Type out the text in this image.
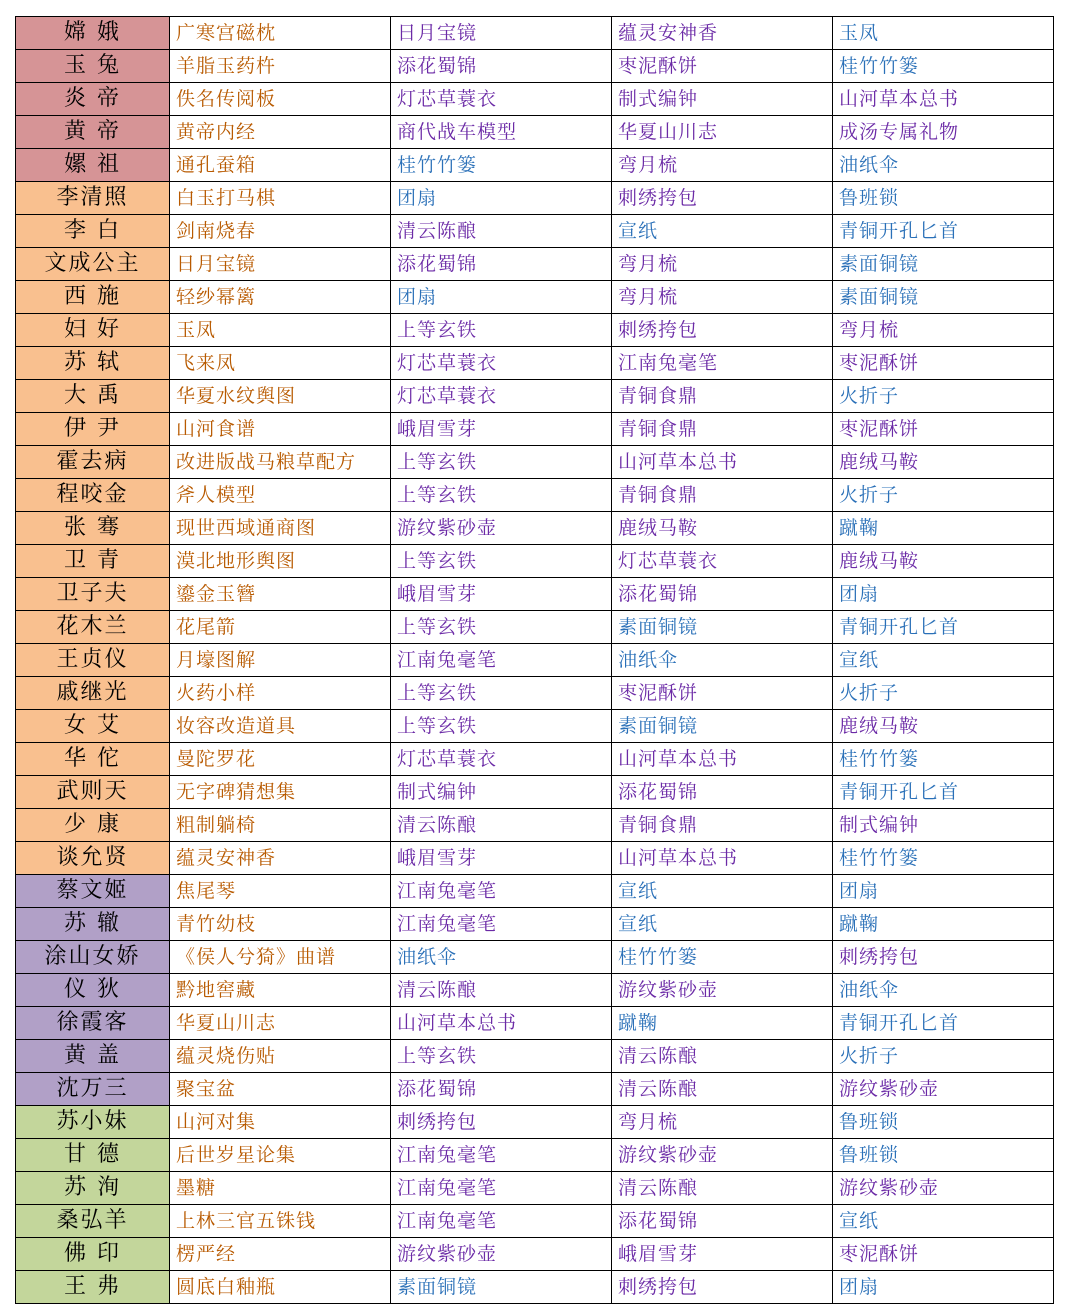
嫦 娥	广寒宫磁枕	日月宝镜	蕴灵安神香	玉凤
玉 兔	羊脂玉药杵	添花蜀锦	枣泥酥饼	桂竹竹篓
炎 帝	佚名传阅板	灯芯草蓑衣	制式编钟	山河草本总书
黄 帝	黄帝内经	商代战车模型	华夏山川志	成汤专属礼物
嫘 祖	通孔蚕箱	桂竹竹篓	弯月梳	油纸伞
李清照	白玉打马棋	团扇	刺绣挎包	鲁班锁
李 白	剑南烧春	清云陈酿	宣纸	青铜开孔匕首
文成公主	日月宝镜	添花蜀锦	弯月梳	素面铜镜
西 施	轻纱幂篱	团扇	弯月梳	素面铜镜
妇 好	玉凤	上等玄铁	刺绣挎包	弯月梳
苏 轼	飞来凤	灯芯草蓑衣	江南兔毫笔	枣泥酥饼
大 禹	华夏水纹舆图	灯芯草蓑衣	青铜食鼎	火折子
伊 尹	山河食谱	峨眉雪芽	青铜食鼎	枣泥酥饼
霍去病	改进版战马粮草配方	上等玄铁	山河草本总书	鹿绒马鞍
程咬金	斧人模型	上等玄铁	青铜食鼎	火折子
张 骞	现世西域通商图	游纹紫砂壶	鹿绒马鞍	蹴鞠
卫 青	漠北地形舆图	上等玄铁	灯芯草蓑衣	鹿绒马鞍
卫子夫	鎏金玉簪	峨眉雪芽	添花蜀锦	团扇
花木兰	花尾箭	上等玄铁	素面铜镜	青铜开孔匕首
王贞仪	月壕图解	江南兔毫笔	油纸伞	宣纸
戚继光	火药小样	上等玄铁	枣泥酥饼	火折子
女 艾	妆容改造道具	上等玄铁	素面铜镜	鹿绒马鞍
华 佗	曼陀罗花	灯芯草蓑衣	山河草本总书	桂竹竹篓
武则天	无字碑猜想集	制式编钟	添花蜀锦	青铜开孔匕首
少 康	粗制躺椅	清云陈酿	青铜食鼎	制式编钟
谈允贤	蕴灵安神香	峨眉雪芽	山河草本总书	桂竹竹篓
蔡文姬	焦尾琴	江南兔毫笔	宣纸	团扇
苏 辙	青竹幼枝	江南兔毫笔	宣纸	蹴鞠
涂山女娇	《侯人兮猗》曲谱	油纸伞	桂竹竹篓	刺绣挎包
仪 狄	黔地窖藏	清云陈酿	游纹紫砂壶	油纸伞
徐霞客	华夏山川志	山河草本总书	蹴鞠	青铜开孔匕首
黄 盖	蕴灵烧伤贴	上等玄铁	清云陈酿	火折子
沈万三	聚宝盆	添花蜀锦	清云陈酿	游纹紫砂壶
苏小妹	山河对集	刺绣挎包	弯月梳	鲁班锁
甘 德	后世岁星论集	江南兔毫笔	游纹紫砂壶	鲁班锁
苏 洵	墨糖	江南兔毫笔	清云陈酿	游纹紫砂壶
桑弘羊	上林三官五铢钱	江南兔毫笔	添花蜀锦	宣纸
佛 印	楞严经	游纹紫砂壶	峨眉雪芽	枣泥酥饼
王 弗	圆底白釉瓶	素面铜镜	刺绣挎包	团扇
